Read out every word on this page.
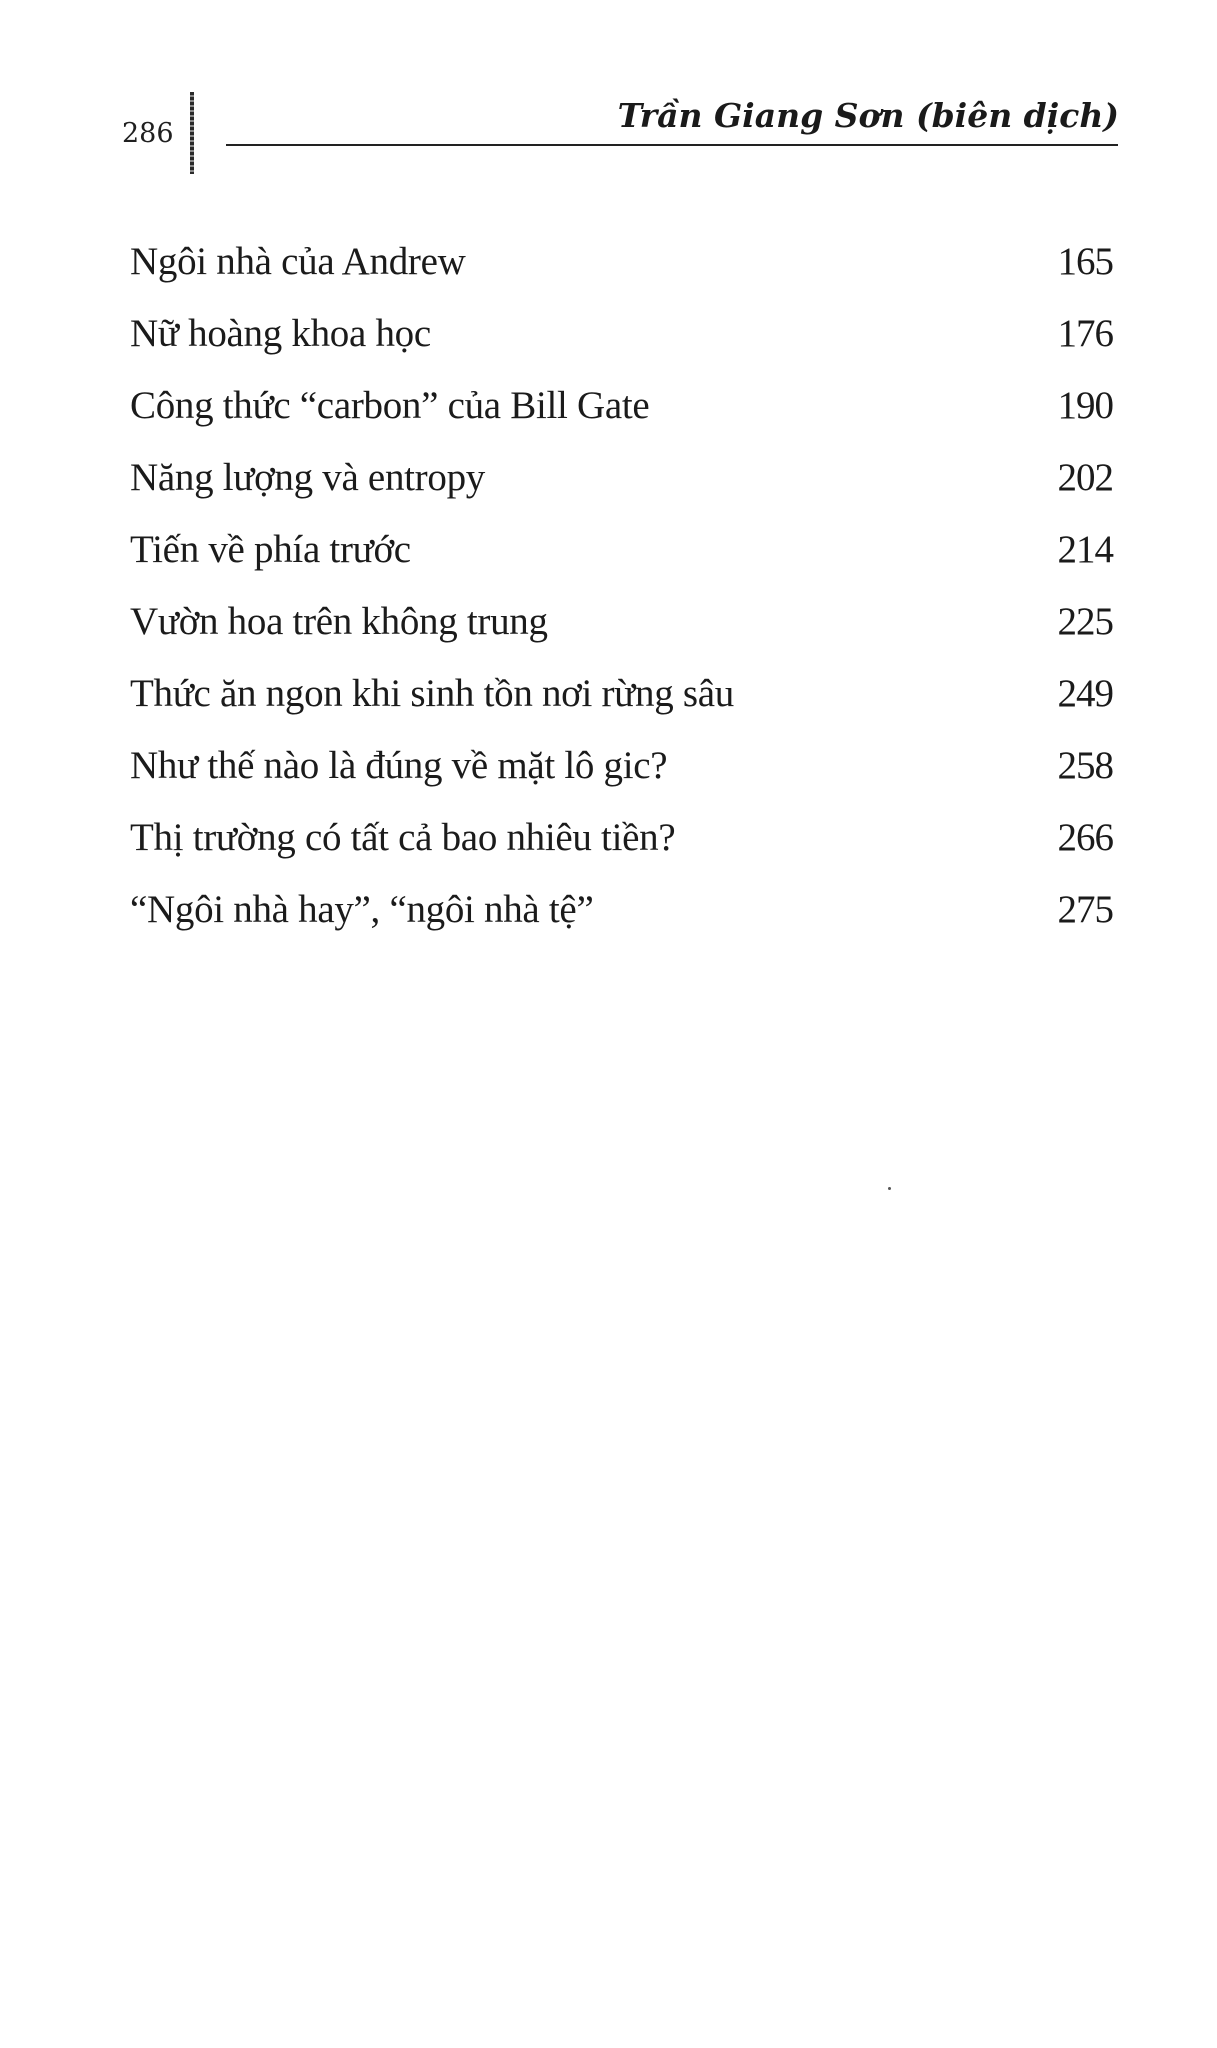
286	Trần Giang Sơn (biên dịch)
Ngôi nhà của Andrew	165
Nữ hoàng khoa học	176
Công thức “carbon” của Bill Gate	190
Năng lượng và entropy	202
Tiến về phía trước	214
Vườn hoa trên không trung	225
Thức ăn ngon khi sinh tồn nơi rừng sâu	249
Như thế nào là đúng về mặt lô gic?	258
Thị trường có tất cả bao nhiêu tiền?	266
“Ngôi nhà hay”, “ngôi nhà tệ”	275
